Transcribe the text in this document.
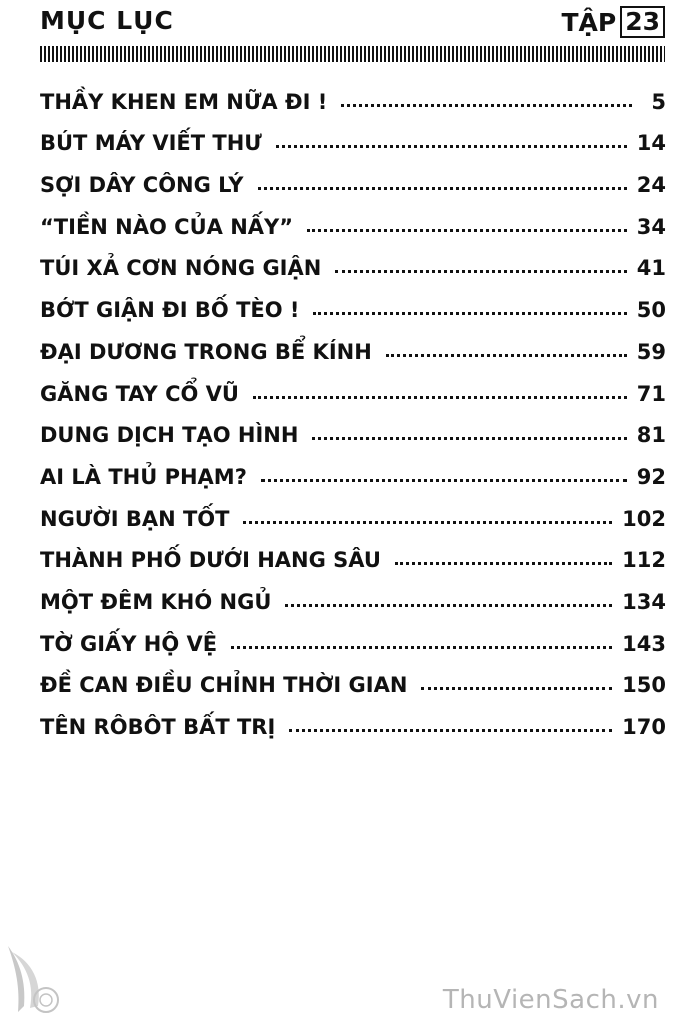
MỤC LỤC	TẬP 23
THẦY KHEN EM NỮA ĐI !	5
BÚT MÁY VIẾT THƯ	14
SỢI DÂY CÔNG LÝ	24
“TIỀN NÀO CỦA NẤY”	34
TÚI XẢ CƠN NÓNG GIẬN	41
BỚT GIẬN ĐI BỐ TÈO !	50
ĐẠI DƯƠNG TRONG BỂ KÍNH	59
GĂNG TAY CỔ VŨ	71
DUNG DỊCH TẠO HÌNH	81
AI LÀ THỦ PHẠM?	92
NGƯỜI BẠN TỐT	102
THÀNH PHỐ DƯỚI HANG SÂU	112
MỘT ĐÊM KHÓ NGỦ	134
TỜ GIẤY HỘ VỆ	143
ĐỀ CAN ĐIỀU CHỈNH THỜI GIAN	150
TÊN RÔBÔT BẤT TRỊ	170
ThuVienSach.vn
